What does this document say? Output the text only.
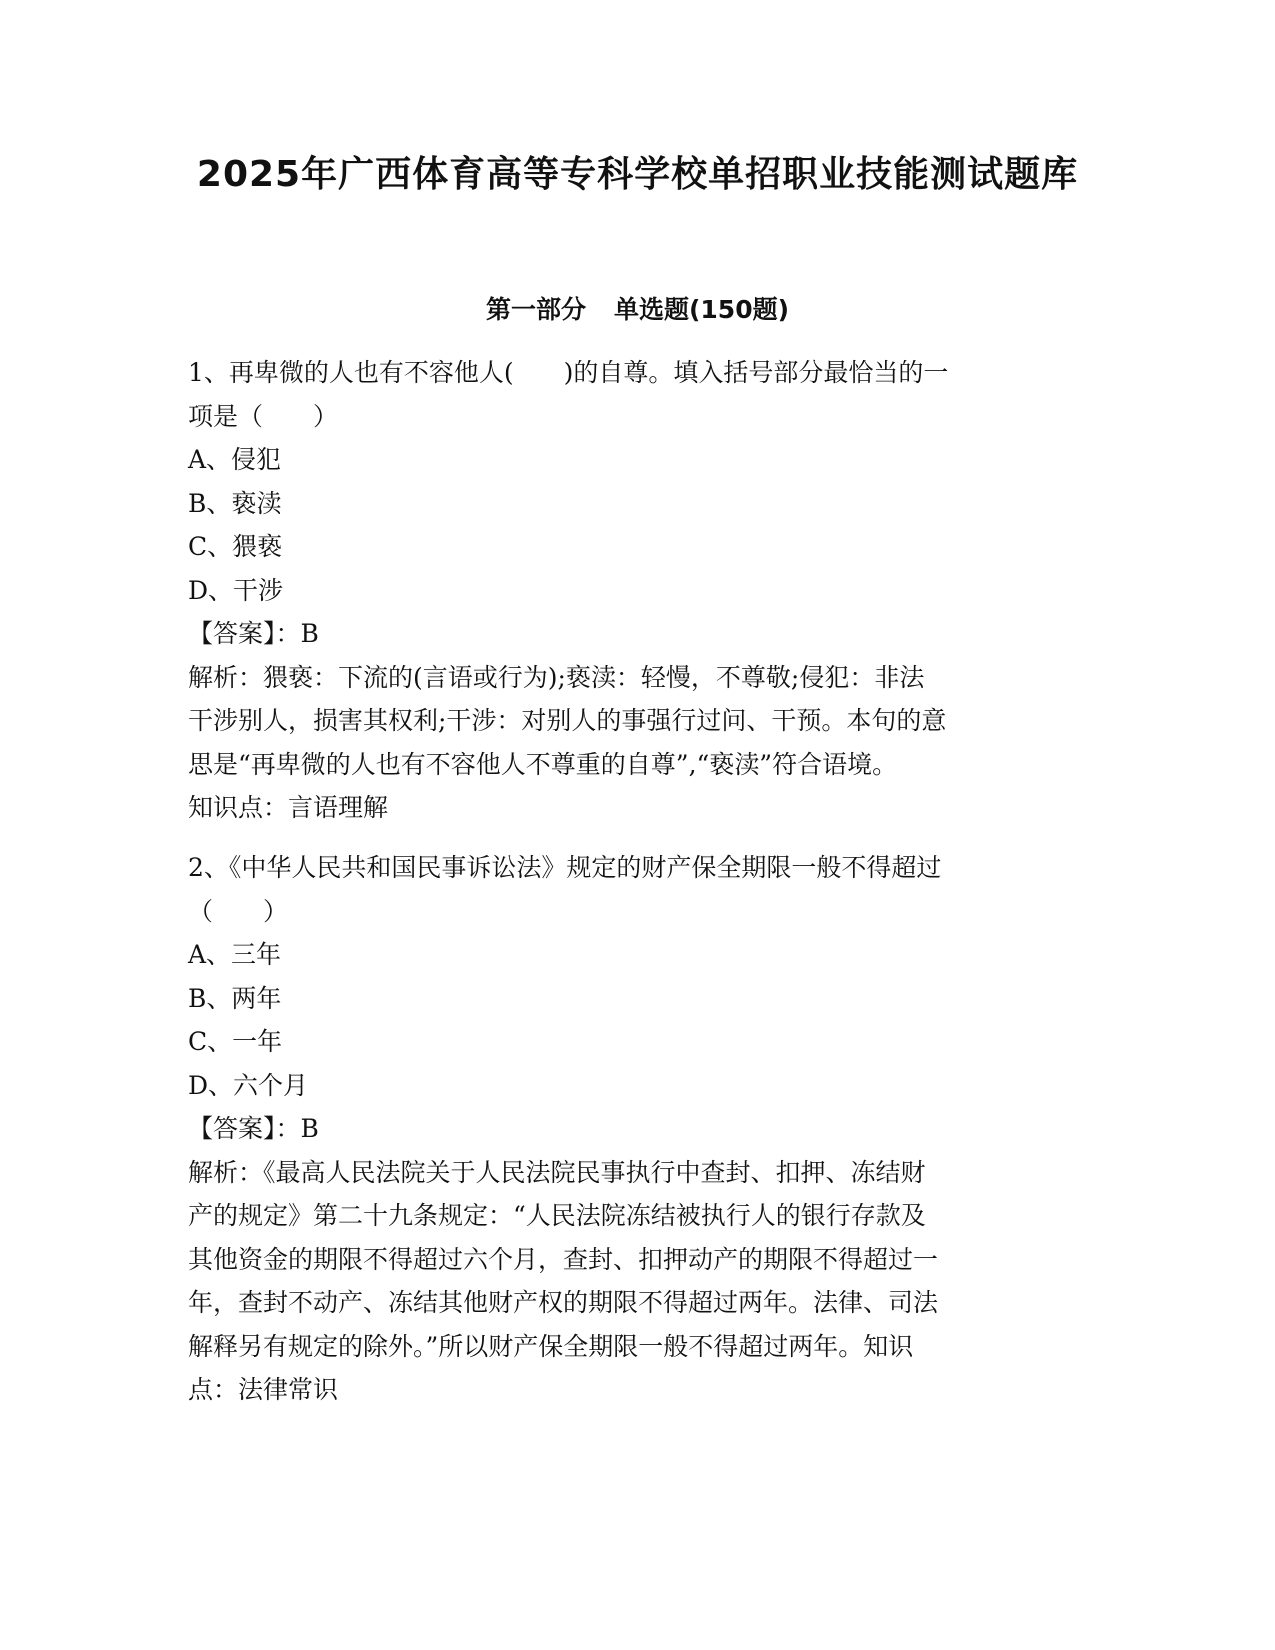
2025年广西体育高等专科学校单招职业技能测试题库
第一部分 单选题(150题)

1、再卑微的人也有不容他人(　　)的自尊。填入括号部分最恰当的一

项是（　　）

A、侵犯

B、亵渎

C、猥亵

D、干涉

【答案】：B

解析：猥亵：下流的(言语或行为);亵渎：轻慢，不尊敬;侵犯：非法

干涉别人，损害其权利;干涉：对别人的事强行过问、干预。本句的意

思是“再卑微的人也有不容他人不尊重的自尊”,“亵渎”符合语境。

知识点：言语理解

2、《中华人民共和国民事诉讼法》规定的财产保全期限一般不得超过

（　　）

A、三年

B、两年

C、一年

D、六个月

【答案】：B

解析：《最高人民法院关于人民法院民事执行中查封、扣押、冻结财

产的规定》第二十九条规定：“人民法院冻结被执行人的银行存款及

其他资金的期限不得超过六个月，查封、扣押动产的期限不得超过一

年，查封不动产、冻结其他财产权的期限不得超过两年。法律、司法

解释另有规定的除外。”所以财产保全期限一般不得超过两年。知识

点：法律常识
